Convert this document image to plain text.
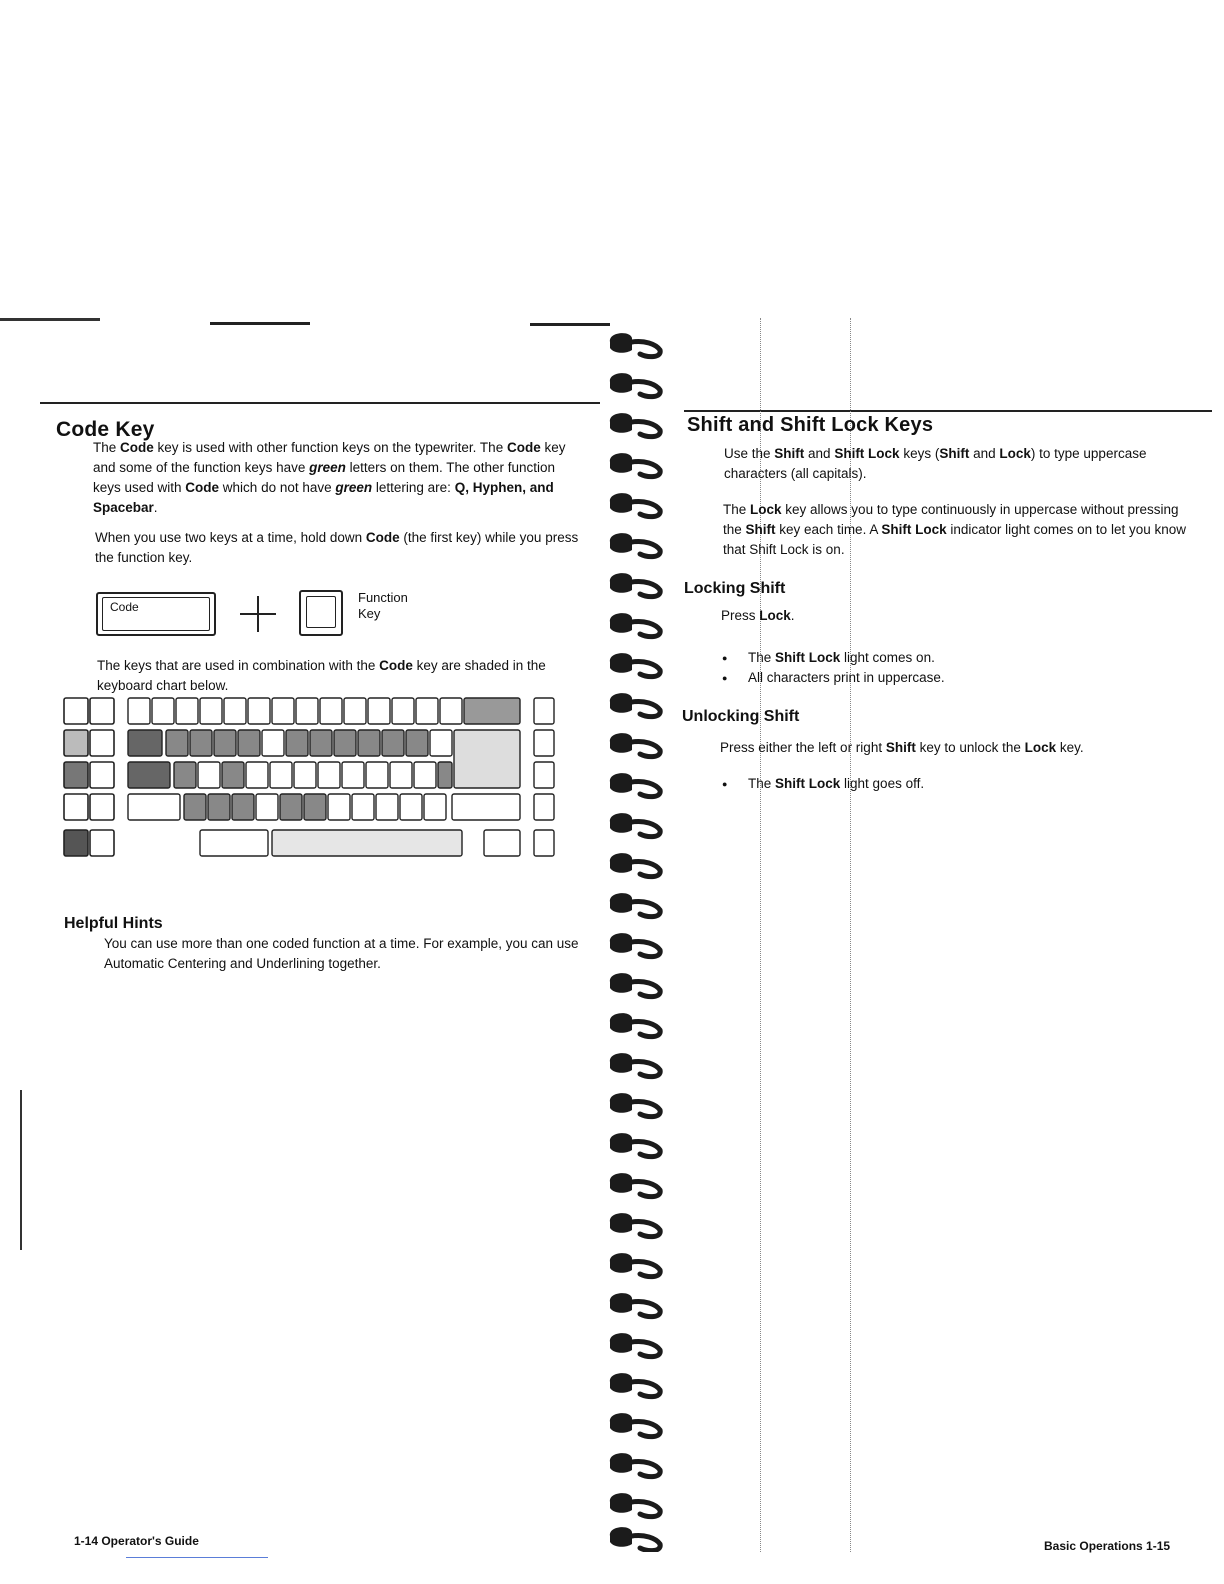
Code Key

The Code key is used with other function keys on the typewriter. The Code key and some of the function keys have green letters on them. The other function keys used with Code which do not have green lettering are: Q, Hyphen, and Spacebar.

When you use two keys at a time, hold down Code (the first key) while you press the function key.

Code
Function
Key

The keys that are used in combination with the Code key are shaded in the keyboard chart below.

Helpful Hints

You can use more than one coded function at a time. For example, you can use Automatic Centering and Underlining together.

1-14 Operator's Guide
Shift and Shift Lock Keys

Use the Shift and Shift Lock keys (Shift and Lock) to type uppercase characters (all capitals).

The Lock key allows you to type continuously in uppercase without pressing the Shift key each time. A Shift Lock indicator light comes on to let you know that Shift Lock is on.

Locking Shift

Press Lock.

● The Shift Lock light comes on.
● All characters print in uppercase.
Unlocking Shift

Press either the left or right Shift key to unlock the Lock key.

● The Shift Lock light goes off.
Basic Operations 1-15
